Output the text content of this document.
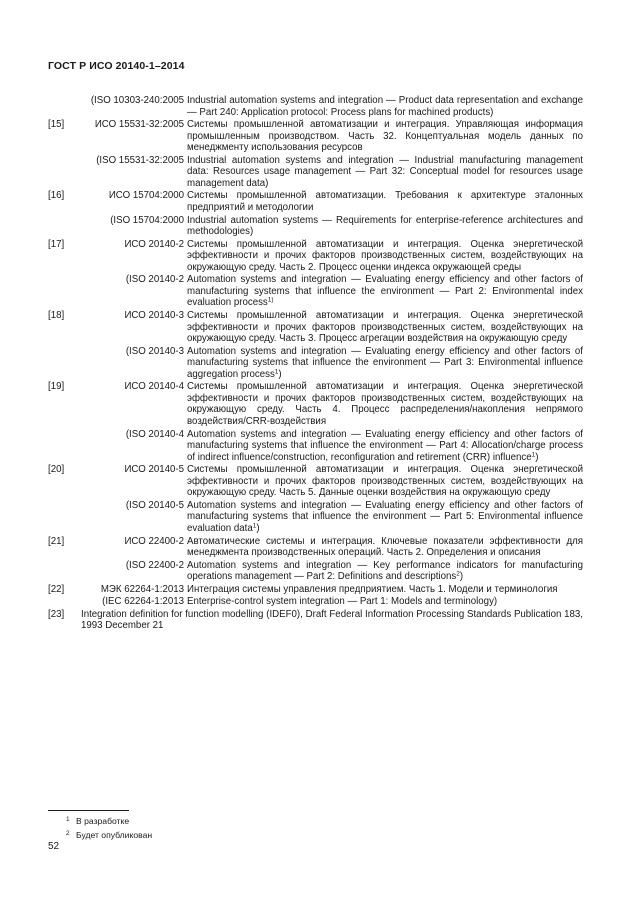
ГОСТ Р ИСО 20140-1–2014
(ISO 10303-240:2005 Industrial automation systems and integration — Product data representation and exchange — Part 240: Application protocol: Process plans for machined products)
[15]	ИСО 15531-32:2005 Системы промышленной автоматизации и интеграция. Управляющая информация промышленным производством. Часть 32. Концептуальная модель данных по менеджменту использования ресурсов
(ISO 15531-32:2005 Industrial automation systems and integration — Industrial manufacturing management data: Resources usage management — Part 32: Conceptual model for resources usage management data)
[16]	ИСО 15704:2000 Системы промышленной автоматизации. Требования к архитектуре эталонных предприятий и методологии
(ISO 15704:2000 Industrial automation systems — Requirements for enterprise-reference architectures and methodologies)
[17]	ИСО 20140-2 Системы промышленной автоматизации и интеграция. Оценка энергетической эффективности и прочих факторов производственных систем, воздействующих на окружающую среду. Часть 2. Процесс оценки индекса окружающей среды
(ISO 20140-2 Automation systems and integration — Evaluating energy efficiency and other factors of manufacturing systems that influence the environment — Part 2: Environmental index evaluation process$^{1)}$
[18]	ИСО 20140-3 Системы промышленной автоматизации и интеграция. Оценка энергетической эффективности и прочих факторов производственных систем, воздействующих на окружающую среду. Часть 3. Процесс агрегации воздействия на окружающую среду
(ISO 20140-3 Automation systems and integration — Evaluating energy efficiency and other factors of manufacturing systems that influence the environment — Part 3: Environmental influence aggregation process$^1$)
[19]	ИСО 20140-4 Системы промышленной автоматизации и интеграция. Оценка энергетической эффективности и прочих факторов производственных систем, воздействующих на окружающую среду. Часть 4. Процесс распределения/накопления непрямого воздействия/CRR-воздействия
(ISO 20140-4 Automation systems and integration — Evaluating energy efficiency and other factors of manufacturing systems that influence the environment — Part 4: Allocation/charge process of indirect influence/construction, reconfiguration and retirement (CRR) influence$^1$)
[20]	ИСО 20140-5 Системы промышленной автоматизации и интеграция. Оценка энергетической эффективности и прочих факторов производственных систем, воздействующих на окружающую среду. Часть 5. Данные оценки воздействия на окружающую среду
(ISO 20140-5 Automation systems and integration — Evaluating energy efficiency and other factors of manufacturing systems that influence the environment — Part 5: Environmental influence evaluation data$^1$)
[21]	ИСО 22400-2 Автоматические системы и интеграция. Ключевые показатели эффективности для менеджмента производственных операций. Часть 2. Определения и описания
(ISO 22400-2 Automation systems and integration — Key performance indicators for manufacturing operations management — Part 2: Definitions and descriptions$^2$)
[22]	МЭК 62264-1:2013 Интеграция системы управления предприятием. Часть 1. Модели и терминология
(IEC 62264-1:2013 Enterprise-control system integration — Part 1: Models and terminology)
[23]	Integration definition for function modelling (IDEF0), Draft Federal Information Processing Standards Publication 183, 1993 December 21
1 В разработке
2 Будет опубликован
52
